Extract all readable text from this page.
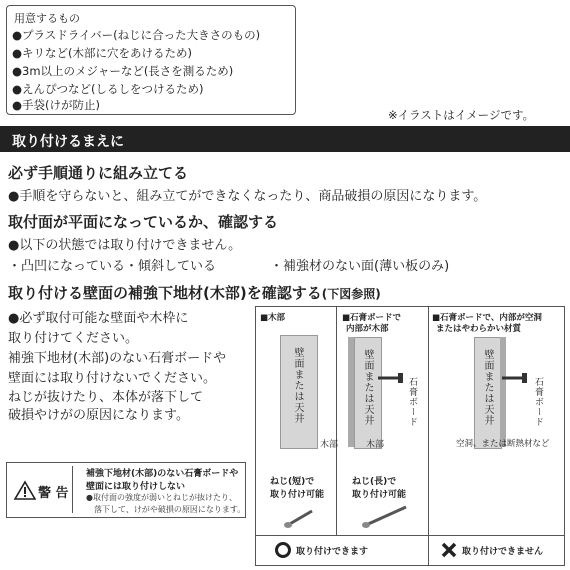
用意するもの
●プラスドライバー(ねじに合った大きさのもの)
●キリなど(木部に穴をあけるため)
●3m以上のメジャーなど(長さを測るため)
●えんぴつなど(しるしをつけるため)
●手袋(けが防止)
※イラストはイメージです。
取り付けるまえに
必ず手順通りに組み立てる
●手順を守らないと、組み立てができなくなったり、商品破損の原因になります。
取付面が平面になっているか、確認する
●以下の状態では取り付けできません。
・凸凹になっている・傾斜している	・補強材のない面(薄い板のみ)
取り付ける壁面の補強下地材(木部)を確認する(下図参照)
●必ず取付可能な壁面や木枠に
取り付けてください。
補強下地材(木部)のない石膏ボードや
壁面には取り付けないでください。
ねじが抜けたり、本体が落下して
破損やけがの原因になります。
警 告
補強下地材(木部)のない石膏ボードや
壁面には取り付けしない
●取付面の強度が弱いとねじが抜けたり、
落下して、けがや破損の原因になります。
■木部
壁面または天井
木部
ねじ(短)で
取り付け可能
■石膏ボードで
内部が木部
壁面または天井	石膏ボード
木部
ねじ(長)で
取り付け可能
■石膏ボードで、内部が空洞
またはやわらかい材質
壁面または天井	石膏ボード
空洞、または断熱材など
取り付けできます	取り付けできません
